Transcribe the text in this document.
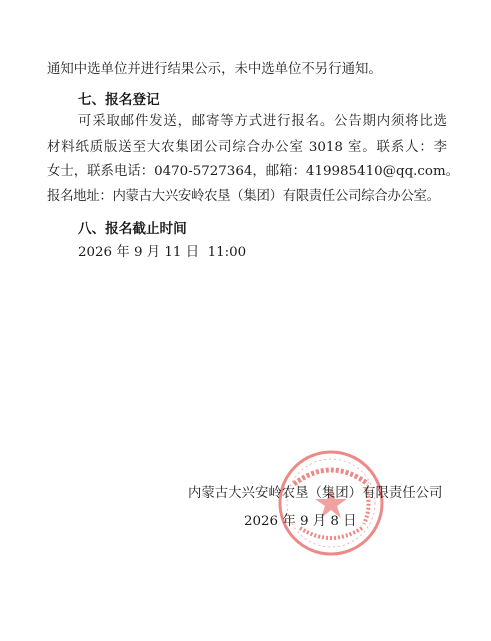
通知中选单位并进行结果公示，未中选单位不另行通知。
七、报名登记
可采取邮件发送，邮寄等方式进行报名。公告期内须将比选
材料纸质版送至大农集团公司综合办公室 3018 室。联系人：李
女士，联系电话：0470-5727364，邮箱：419985410@qq.com。
报名地址：内蒙古大兴安岭农垦（集团）有限责任公司综合办公室。
八、报名截止时间
2026 年 9 月 11 日  11:00
内蒙古大兴安岭农垦（集团）有限责任公司
2026 年 9 月 8 日
